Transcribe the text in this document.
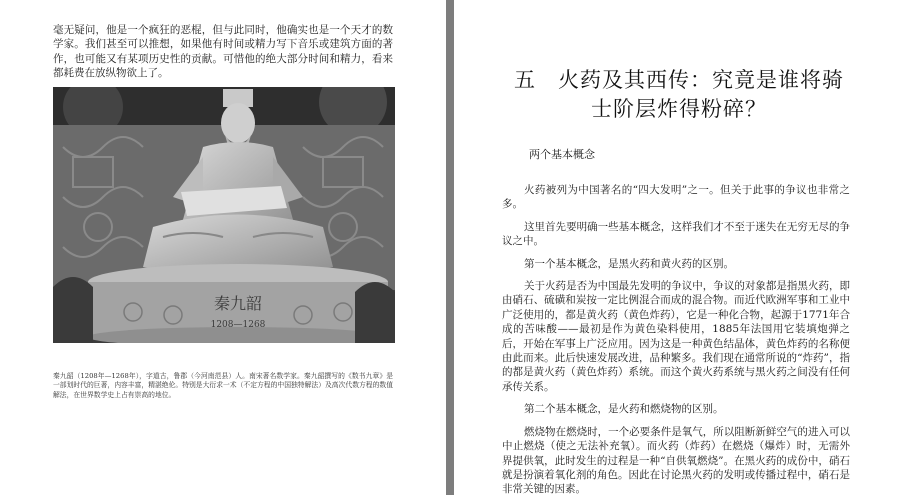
毫无疑问，他是一个疯狂的恶棍，但与此同时，他确实也是一个天才的数学家。我们甚至可以推想，如果他有时间或精力写下音乐或建筑方面的著作，也可能又有某项历史性的贡献。可惜他的绝大部分时间和精力，看来都耗费在放纵物欲上了。

秦九韶
1208—1268

秦九韶（1208年—1268年），字道古，鲁郡（今河南范县）人。南宋著名数学家。秦九韶撰写的《数书九章》是一部划时代的巨著，内容丰富，精湛绝伦。特别是大衍求一术（不定方程的中国独特解法）及高次代数方程的数值解法，在世界数学史上占有崇高的地位。

五　火药及其西传：究竟是谁将骑士阶层炸得粉碎？
两个基本概念

火药被列为中国著名的“四大发明”之一。但关于此事的争议也非常之多。

这里首先要明确一些基本概念，这样我们才不至于迷失在无穷无尽的争议之中。

第一个基本概念，是黑火药和黄火药的区别。

关于火药是否为中国最先发明的争议中，争议的对象都是指黑火药，即由硝石、硫磺和炭按一定比例混合而成的混合物。而近代欧洲军事和工业中广泛使用的，都是黄火药（黄色炸药），它是一种化合物，起源于1771年合成的苦味酸——最初是作为黄色染料使用，1885年法国用它装填炮弹之后，开始在军事上广泛应用。因为这是一种黄色结晶体，黄色炸药的名称便由此而来。此后快速发展改进，品种繁多。我们现在通常所说的“炸药”，指的都是黄火药（黄色炸药）系统。而这个黄火药系统与黑火药之间没有任何承传关系。

第二个基本概念，是火药和燃烧物的区别。

燃烧物在燃烧时，一个必要条件是氧气，所以阻断新鲜空气的进入可以中止燃烧（使之无法补充氧）。而火药（炸药）在燃烧（爆炸）时，无需外界提供氧，此时发生的过程是一种“自供氧燃烧”。在黑火药的成份中，硝石就是扮演着氧化剂的角色。因此在讨论黑火药的发明或传播过程中，硝石是非常关键的因素。
